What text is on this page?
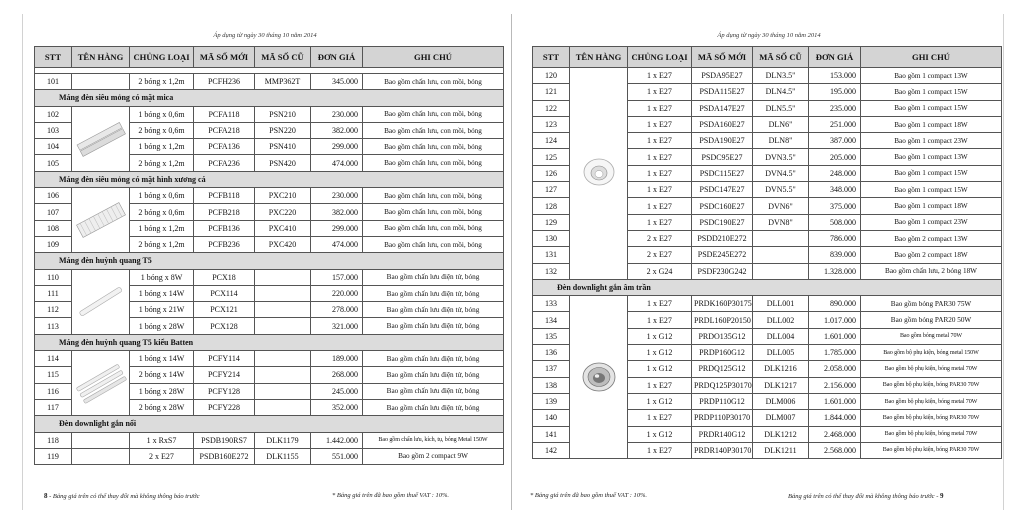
Áp dụng từ ngày 30 tháng 10 năm 2014
STT	TÊN HÀNG	CHỦNG LOẠI	MÃ SỐ MỚI	MÃ SỐ CŨ	ĐƠN GIÁ	GHI CHÚ

101		2 bóng x 1,2m	PCFH236	MMP362T	345.000	Bao gồm chấn lưu, con mồi, bóng
Máng đèn siêu mỏng có mặt mica						
102		1 bóng x 0,6m	PCFA118	PSN210	230.000	Bao gồm chấn lưu, con mồi, bóng
103		2 bóng x 0,6m	PCFA218	PSN220	382.000	Bao gồm chấn lưu, con mồi, bóng
104		1 bóng x 1,2m	PCFA136	PSN410	299.000	Bao gồm chấn lưu, con mồi, bóng
105		2 bóng x 1,2m	PCFA236	PSN420	474.000	Bao gồm chấn lưu, con mồi, bóng
Máng đèn siêu mỏng có mặt hình xương cá						
106		1 bóng x 0,6m	PCFB118	PXC210	230.000	Bao gồm chấn lưu, con mồi, bóng
107		2 bóng x 0,6m	PCFB218	PXC220	382.000	Bao gồm chấn lưu, con mồi, bóng
108		1 bóng x 1,2m	PCFB136	PXC410	299.000	Bao gồm chấn lưu, con mồi, bóng
109		2 bóng x 1,2m	PCFB236	PXC420	474.000	Bao gồm chấn lưu, con mồi, bóng
Máng đèn huỳnh quang T5						
110		1 bóng x 8W	PCX18		157.000	Bao gồm chấn lưu điện tử, bóng
111		1 bóng x 14W	PCX114		220.000	Bao gồm chấn lưu điện tử, bóng
112		1 bóng x 21W	PCX121		278.000	Bao gồm chấn lưu điện tử, bóng
113		1 bóng x 28W	PCX128		321.000	Bao gồm chấn lưu điện tử, bóng
Máng đèn huỳnh quang T5 kiểu Batten						
114		1 bóng x 14W	PCFY114		189.000	Bao gồm chấn lưu điện tử, bóng
115		2 bóng x 14W	PCFY214		268.000	Bao gồm chấn lưu điện tử, bóng
116		1 bóng x 28W	PCFY128		245.000	Bao gồm chấn lưu điện tử, bóng
117		2 bóng x 28W	PCFY228		352.000	Bao gồm chấn lưu điện tử, bóng
Đèn downlight gắn nổi						
118		1 x RxS7	PSDB190RS7	DLK1179	1.442.000	Bao gồm chấn lưu, kích, tụ, bóng Metal 150W
119		2 x E27	PSDB160E272	DLK1155	551.000	Bao gồm 2 compact 9W
8 - Bảng giá trên có thể thay đổi mà không thông báo trước	* Bảng giá trên đã bao gồm thuế VAT : 10%.
Áp dụng từ ngày 30 tháng 10 năm 2014
STT	TÊN HÀNG	CHỦNG LOẠI	MÃ SỐ MỚI	MÃ SỐ CŨ	ĐƠN GIÁ	GHI CHÚ
120		1 x E27	PSDA95E27	DLN3.5"	153.000	Bao gồm 1 compact 13W
121		1 x E27	PSDA115E27	DLN4.5"	195.000	Bao gồm 1 compact 15W
122		1 x E27	PSDA147E27	DLN5.5"	235.000	Bao gồm 1 compact 15W
123		1 x E27	PSDA160E27	DLN6"	251.000	Bao gồm 1 compact 18W
124		1 x E27	PSDA190E27	DLN8"	387.000	Bao gồm 1 compact 23W
125		1 x E27	PSDC95E27	DVN3.5"	205.000	Bao gồm 1 compact 13W
126		1 x E27	PSDC115E27	DVN4.5"	248.000	Bao gồm 1 compact 15W
127		1 x E27	PSDC147E27	DVN5.5"	348.000	Bao gồm 1 compact 15W
128		1 x E27	PSDC160E27	DVN6"	375.000	Bao gồm 1 compact 18W
129		1 x E27	PSDC190E27	DVN8"	508.000	Bao gồm 1 compact 23W
130		2 x E27	PSDD210E272		786.000	Bao gồm 2 compact 13W
131		2 x E27	PSDE245E272		839.000	Bao gồm 2 compact 18W
132		2 x G24	PSDF230G242		1.328.000	Bao gồm chấn lưu, 2 bóng 18W
Đèn downlight gắn âm trần						
133		1 x E27	PRDK160P30175	DLL001	890.000	Bao gồm bóng PAR30 75W
134		1 x E27	PRDL160P20150	DLL002	1.017.000	Bao gồm bóng PAR20 50W
135		1 x G12	PRDO135G12	DLL004	1.601.000	Bao gồm bóng metal 70W
136		1 x G12	PRDP160G12	DLL005	1.785.000	Bao gồm bộ phụ kiện, bóng metal 150W
137		1 x G12	PRDQ125G12	DLK1216	2.058.000	Bao gồm bộ phụ kiện, bóng metal 70W
138		1 x E27	PRDQ125P30170	DLK1217	2.156.000	Bao gồm bộ phụ kiện, bóng PAR30 70W
139		1 x G12	PRDP110G12	DLM006	1.601.000	Bao gồm bộ phụ kiện, bóng metal 70W
140		1 x E27	PRDP110P30170	DLM007	1.844.000	Bao gồm bộ phụ kiện, bóng PAR30 70W
141		1 x G12	PRDR140G12	DLK1212	2.468.000	Bao gồm bộ phụ kiện, bóng metal 70W
142		1 x E27	PRDR140P30170	DLK1211	2.568.000	Bao gồm bộ phụ kiện, bóng PAR30 70W
* Bảng giá trên đã bao gồm thuế VAT : 10%.	Bảng giá trên có thể thay đổi mà không thông báo trước - 9
